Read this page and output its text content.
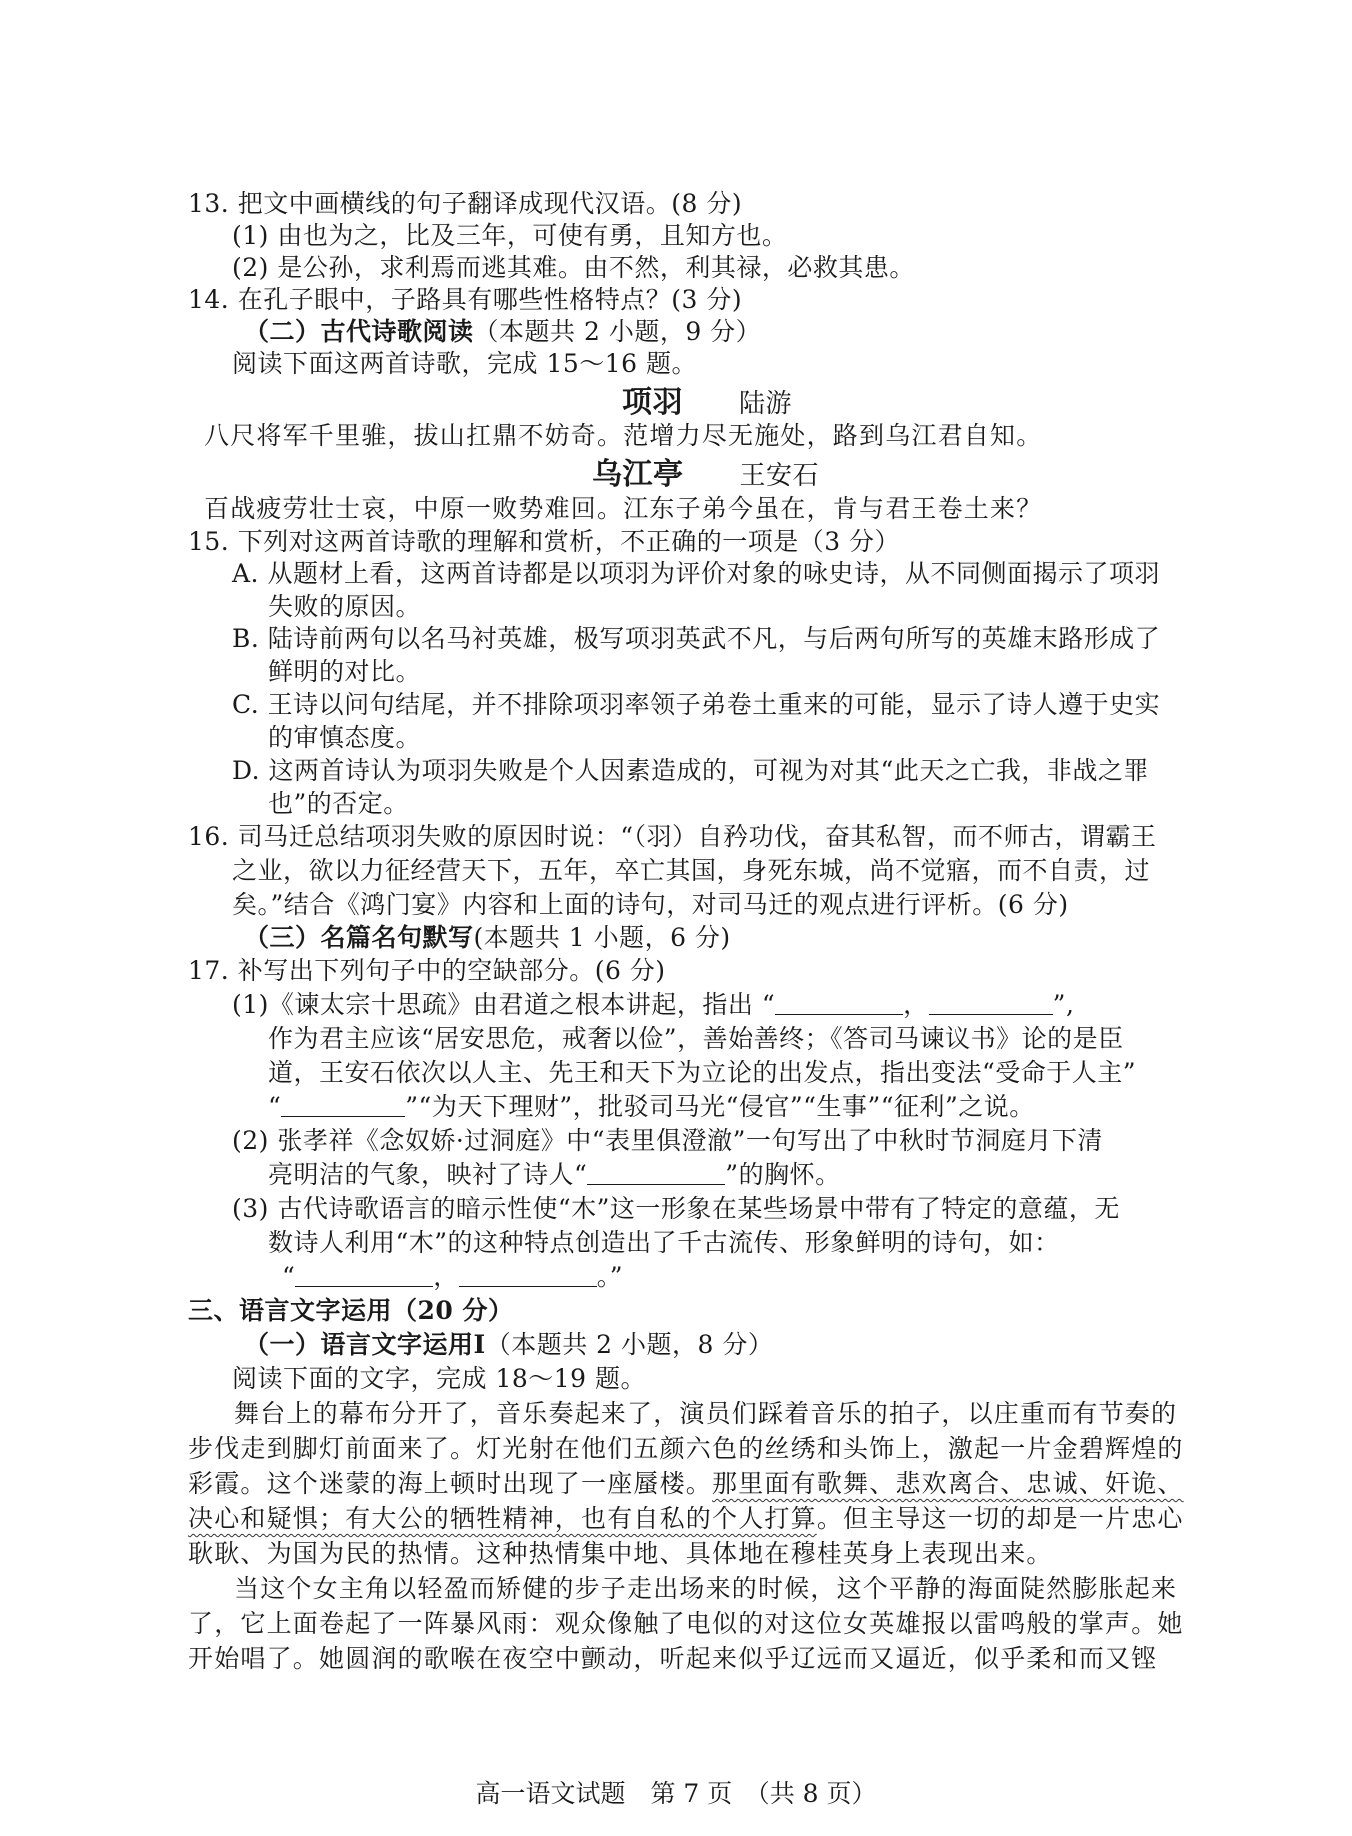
13. 把文中画横线的句子翻译成现代汉语。(8 分)
(1) 由也为之，比及三年，可使有勇，且知方也。
(2) 是公孙，求利焉而逃其难。由不然，利其禄，必救其患。
14. 在孔子眼中，子路具有哪些性格特点？(3 分)
（二）古代诗歌阅读（本题共 2 小题，9 分）
阅读下面这两首诗歌，完成 15～16 题。
项羽 陆游
八尺将军千里骓，拔山扛鼎不妨奇。范增力尽无施处，路到乌江君自知。
乌江亭 王安石
百战疲劳壮士哀，中原一败势难回。江东子弟今虽在，肯与君王卷土来？
15. 下列对这两首诗歌的理解和赏析，不正确的一项是（3 分）
A. 从题材上看，这两首诗都是以项羽为评价对象的咏史诗，从不同侧面揭示了项羽
失败的原因。
B. 陆诗前两句以名马衬英雄，极写项羽英武不凡，与后两句所写的英雄末路形成了
鲜明的对比。
C. 王诗以问句结尾，并不排除项羽率领子弟卷土重来的可能，显示了诗人遵于史实
的审慎态度。
D. 这两首诗认为项羽失败是个人因素造成的，可视为对其“此天之亡我，非战之罪
也”的否定。
16. 司马迁总结项羽失败的原因时说：“（羽）自矜功伐，奋其私智，而不师古，谓霸王
之业，欲以力征经营天下，五年，卒亡其国，身死东城，尚不觉寤，而不自责，过
矣。”结合《鸿门宴》内容和上面的诗句，对司马迁的观点进行评析。(6 分)
（三）名篇名句默写(本题共 1 小题，6 分)
17. 补写出下列句子中的空缺部分。(6 分)
(1)《谏太宗十思疏》由君道之根本讲起，指出 “	，	”,
作为君主应该“居安思危，戒奢以俭”，善始善终；《答司马谏议书》论的是臣
道，王安石依次以人主、先王和天下为立论的出发点，指出变法“受命于人主”
“	”“为天下理财”，批驳司马光“侵官”“生事”“征利”之说。
(2) 张孝祥《念奴娇·过洞庭》中“表里俱澄澈”一句写出了中秋时节洞庭月下清
亮明洁的气象，映衬了诗人“	”的胸怀。
(3) 古代诗歌语言的暗示性使“木”这一形象在某些场景中带有了特定的意蕴，无
数诗人利用“木”的这种特点创造出了千古流传、形象鲜明的诗句，如：
“	，	。”
三、语言文字运用（20 分）
（一）语言文字运用Ⅰ（本题共 2 小题，8 分）
阅读下面的文字，完成 18～19 题。
舞台上的幕布分开了，音乐奏起来了，演员们踩着音乐的拍子，以庄重而有节奏的
步伐走到脚灯前面来了。灯光射在他们五颜六色的丝绣和头饰上，激起一片金碧辉煌的
彩霞。这个迷蒙的海上顿时出现了一座蜃楼。那里面有歌舞、悲欢离合、忠诚、奸诡、
决心和疑惧；有大公的牺牲精神，也有自私的个人打算。但主导这一切的却是一片忠心
耿耿、为国为民的热情。这种热情集中地、具体地在穆桂英身上表现出来。
当这个女主角以轻盈而矫健的步子走出场来的时候，这个平静的海面陡然膨胀起来
了，它上面卷起了一阵暴风雨：观众像触了电似的对这位女英雄报以雷鸣般的掌声。她
开始唱了。她圆润的歌喉在夜空中颤动，听起来似乎辽远而又逼近，似乎柔和而又铿
高一语文试题　第 7 页　（共 8 页）
